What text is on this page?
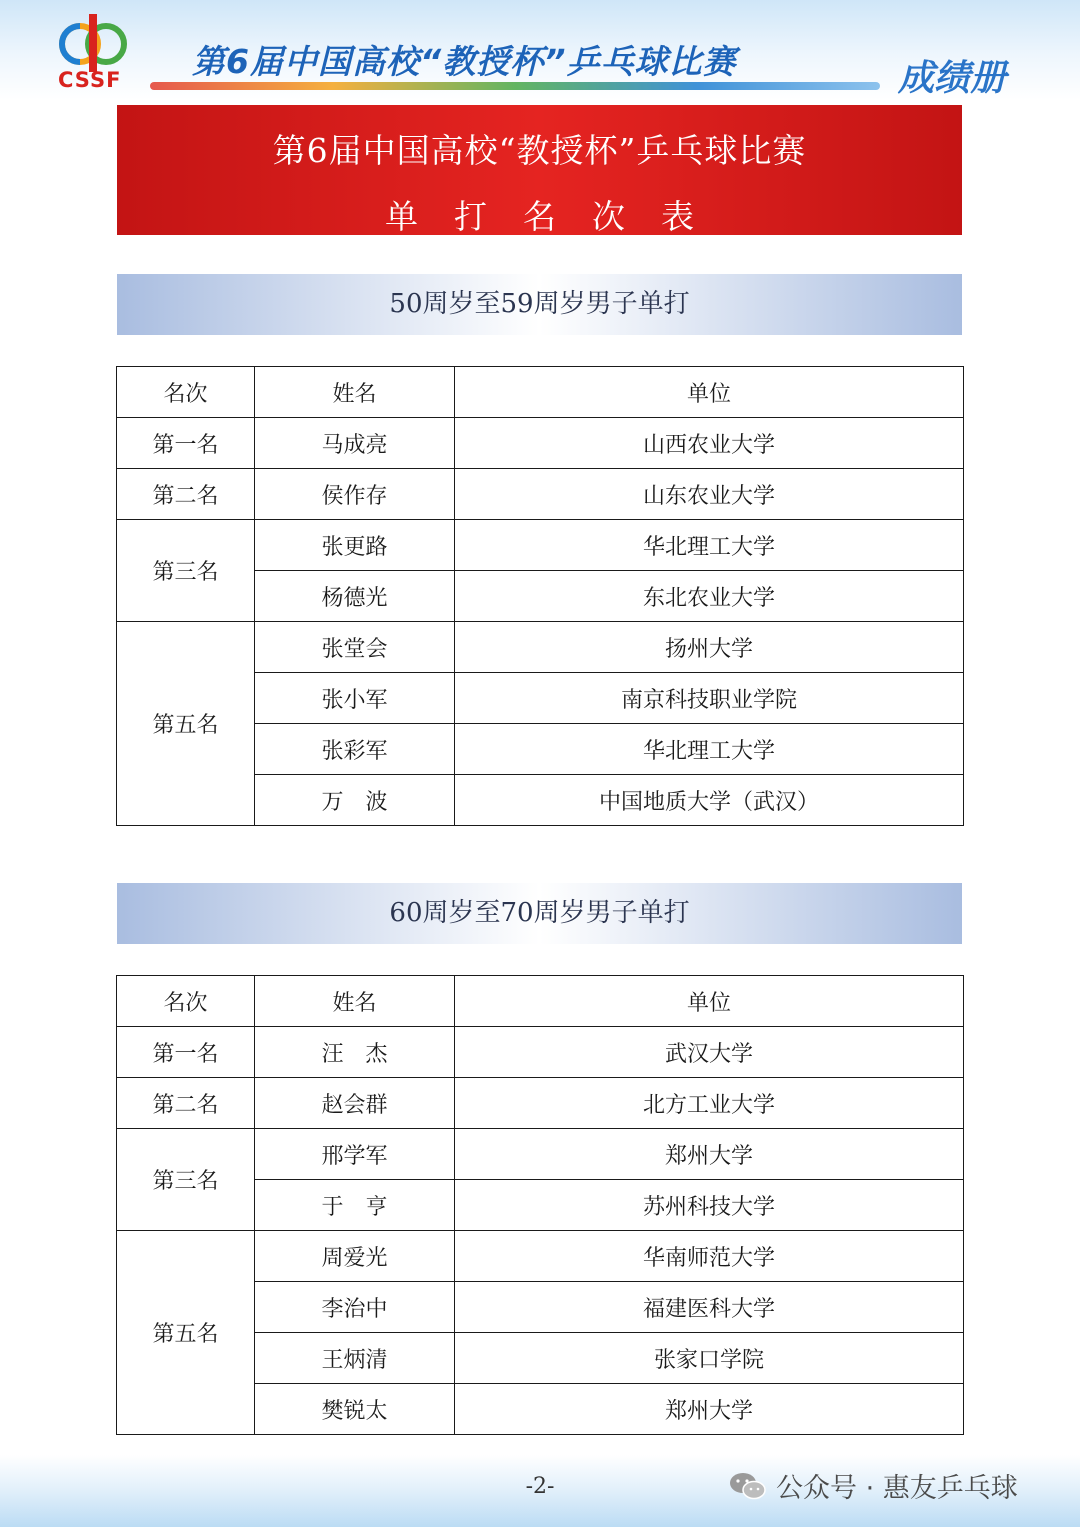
CSSF 第6届中国高校“教授杯”乒乓球比赛	成绩册
第6届中国高校“教授杯”乒乓球比赛
单打名次表
50周岁至59周岁男子单打
名次	姓名	单位
第一名	马成亮	山西农业大学
第二名	侯作存	山东农业大学
第三名	张更路	华北理工大学
	杨德光	东北农业大学
第五名	张堂会	扬州大学
	张小军	南京科技职业学院
	张彩军	华北理工大学
	万　波	中国地质大学（武汉）
60周岁至70周岁男子单打
名次	姓名	单位
第一名	汪　杰	武汉大学
第二名	赵会群	北方工业大学
第三名	邢学军	郑州大学
	于　亨	苏州科技大学
第五名	周爱光	华南师范大学
	李治中	福建医科大学
	王炳清	张家口学院
	樊锐太	郑州大学
-2-	公众号 · 惠友乒乓球
